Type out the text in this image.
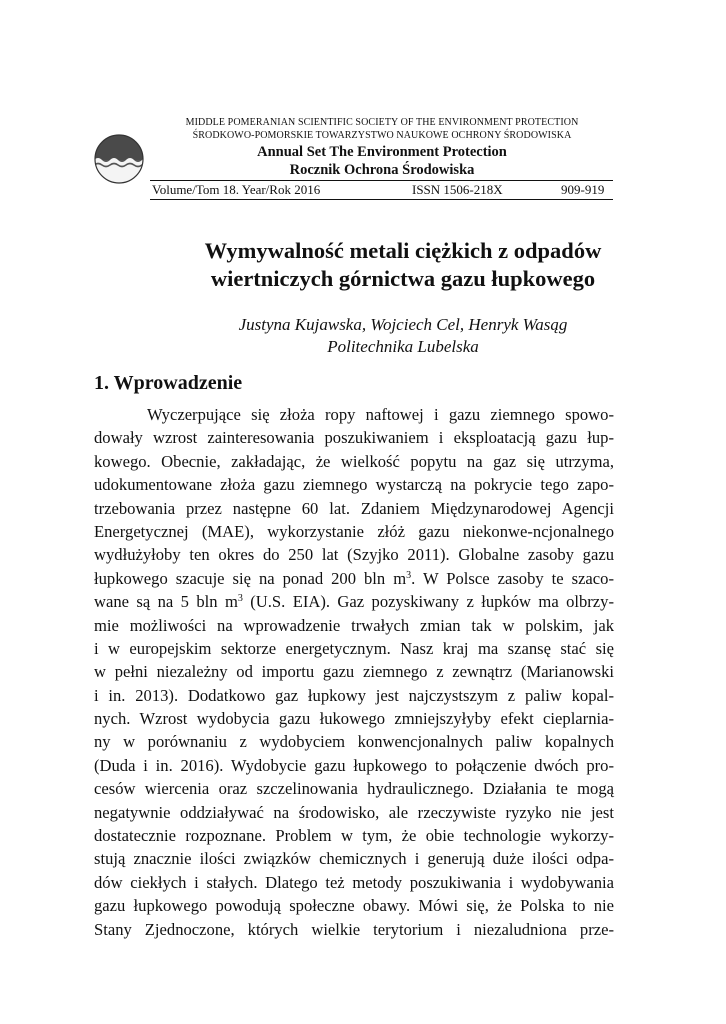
MIDDLE POMERANIAN SCIENTIFIC SOCIETY OF THE ENVIRONMENT PROTECTION
ŚRODKOWO-POMORSKIE TOWARZYSTWO NAUKOWE OCHRONY ŚRODOWISKA
Annual Set The Environment Protection
Rocznik Ochrona Środowiska
Volume/Tom 18. Year/Rok 2016	ISSN 1506-218X	909-919
Wymywalność metali ciężkich z odpadów
wiertniczych górnictwa gazu łupkowego
Justyna Kujawska, Wojciech Cel, Henryk Wasąg
Politechnika Lubelska
1. Wprowadzenie
Wyczerpujące się złoża ropy naftowej i gazu ziemnego spowo-
dowały wzrost zainteresowania poszukiwaniem i eksploatacją gazu łup-
kowego. Obecnie, zakładając, że wielkość popytu na gaz się utrzyma,
udokumentowane złoża gazu ziemnego wystarczą na pokrycie tego zapo-
trzebowania przez następne 60 lat. Zdaniem Międzynarodowej Agencji
Energetycznej (MAE), wykorzystanie złóż gazu niekonwe-ncjonalnego
wydłużyłoby ten okres do 250 lat (Szyjko 2011). Globalne zasoby gazu
łupkowego szacuje się na ponad 200 bln $m^3$. W Polsce zasoby te szaco-
wane są na 5 bln $m^3$ (U.S. EIA). Gaz pozyskiwany z łupków ma olbrzy-
mie możliwości na wprowadzenie trwałych zmian tak w polskim, jak
i w europejskim sektorze energetycznym. Nasz kraj ma szansę stać się
w pełni niezależny od importu gazu ziemnego z zewnątrz (Marianowski
i in. 2013). Dodatkowo gaz łupkowy jest najczystszym z paliw kopal-
nych. Wzrost wydobycia gazu łukowego zmniejszyłyby efekt cieplarnia-
ny w porównaniu z wydobyciem konwencjonalnych paliw kopalnych
(Duda i in. 2016). Wydobycie gazu łupkowego to połączenie dwóch pro-
cesów wiercenia oraz szczelinowania hydraulicznego. Działania te mogą
negatywnie oddziaływać na środowisko, ale rzeczywiste ryzyko nie jest
dostatecznie rozpoznane. Problem w tym, że obie technologie wykorzy-
stują znacznie ilości związków chemicznych i generują duże ilości odpa-
dów ciekłych i stałych. Dlatego też metody poszukiwania i wydobywania
gazu łupkowego powodują społeczne obawy. Mówi się, że Polska to nie
Stany Zjednoczone, których wielkie terytorium i niezaludniona prze-
